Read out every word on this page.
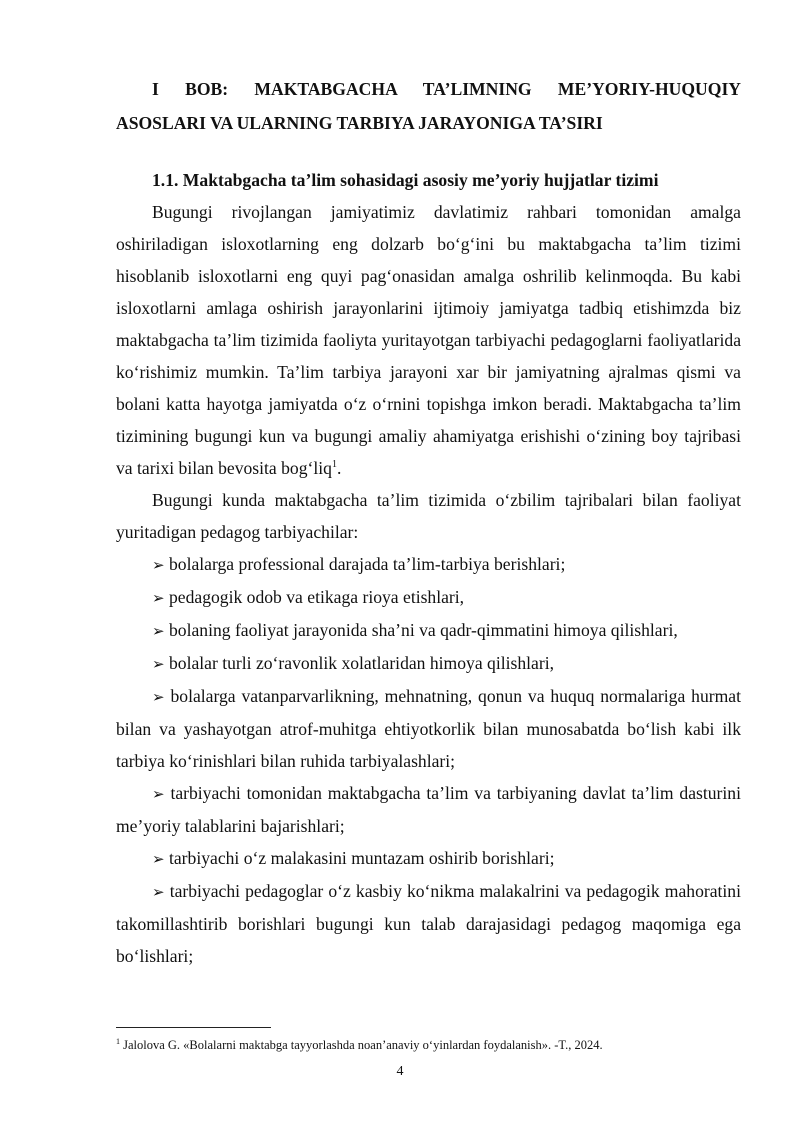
I BOB: MAKTABGACHA TA’LIMNING ME’YORIY-HUQUQIY ASOSLARI VA ULARNING TARBIYA JARAYONIGA TA’SIRI
1.1. Maktabgacha ta’lim sohasidagi asosiy me’yoriy hujjatlar tizimi

Bugungi rivojlangan jamiyatimiz davlatimiz rahbari tomonidan amalga oshiriladigan isloxotlarning eng dolzarb bo‘g‘ini bu maktabgacha ta’lim tizimi hisoblanib isloxotlarni eng quyi pag‘onasidan amalga oshrilib kelinmoqda. Bu kabi isloxotlarni amlaga oshirish jarayonlarini ijtimoiy jamiyatga tadbiq etishimzda biz maktabgacha ta’lim tizimida faoliyta yuritayotgan tarbiyachi pedagoglarni faoliyatlarida ko‘rishimiz mumkin. Ta’lim tarbiya jarayoni xar bir jamiyatning ajralmas qismi va bolani katta hayotga jamiyatda o‘z o‘rnini topishga imkon beradi. Maktabgacha ta’lim tizimining bugungi kun va bugungi amaliy ahamiyatga erishishi o‘zining boy tajribasi va tarixi bilan bevosita bog‘liq$^1$.

Bugungi kunda maktabgacha ta’lim tizimida o‘zbilim tajribalari bilan faoliyat yuritadigan pedagog tarbiyachilar:

➢ bolalarga professional darajada ta’lim-tarbiya berishlari;

➢ pedagogik odob va etikaga rioya etishlari,

➢ bolaning faoliyat jarayonida sha’ni va qadr-qimmatini himoya qilishlari,

➢ bolalar turli zo‘ravonlik xolatlaridan himoya qilishlari,

➢ bolalarga vatanparvarlikning, mehnatning, qonun va huquq normalariga hurmat bilan va yashayotgan atrof-muhitga ehtiyotkorlik bilan munosabatda bo‘lish kabi ilk tarbiya ko‘rinishlari bilan ruhida tarbiyalashlari;

➢ tarbiyachi tomonidan maktabgacha ta’lim va tarbiyaning davlat ta’lim dasturini me’yoriy talablarini bajarishlari;

➢ tarbiyachi o‘z malakasini muntazam oshirib borishlari;

➢ tarbiyachi pedagoglar o‘z kasbiy ko‘nikma malakalrini va pedagogik mahoratini takomillashtirib borishlari bugungi kun talab darajasidagi pedagog maqomiga ega bo‘lishlari;

$^1$ Jalolova G. «Bolalarni maktabga tayyorlashda noan’anaviy o‘yinlardan foydalanish». -T., 2024.
4
